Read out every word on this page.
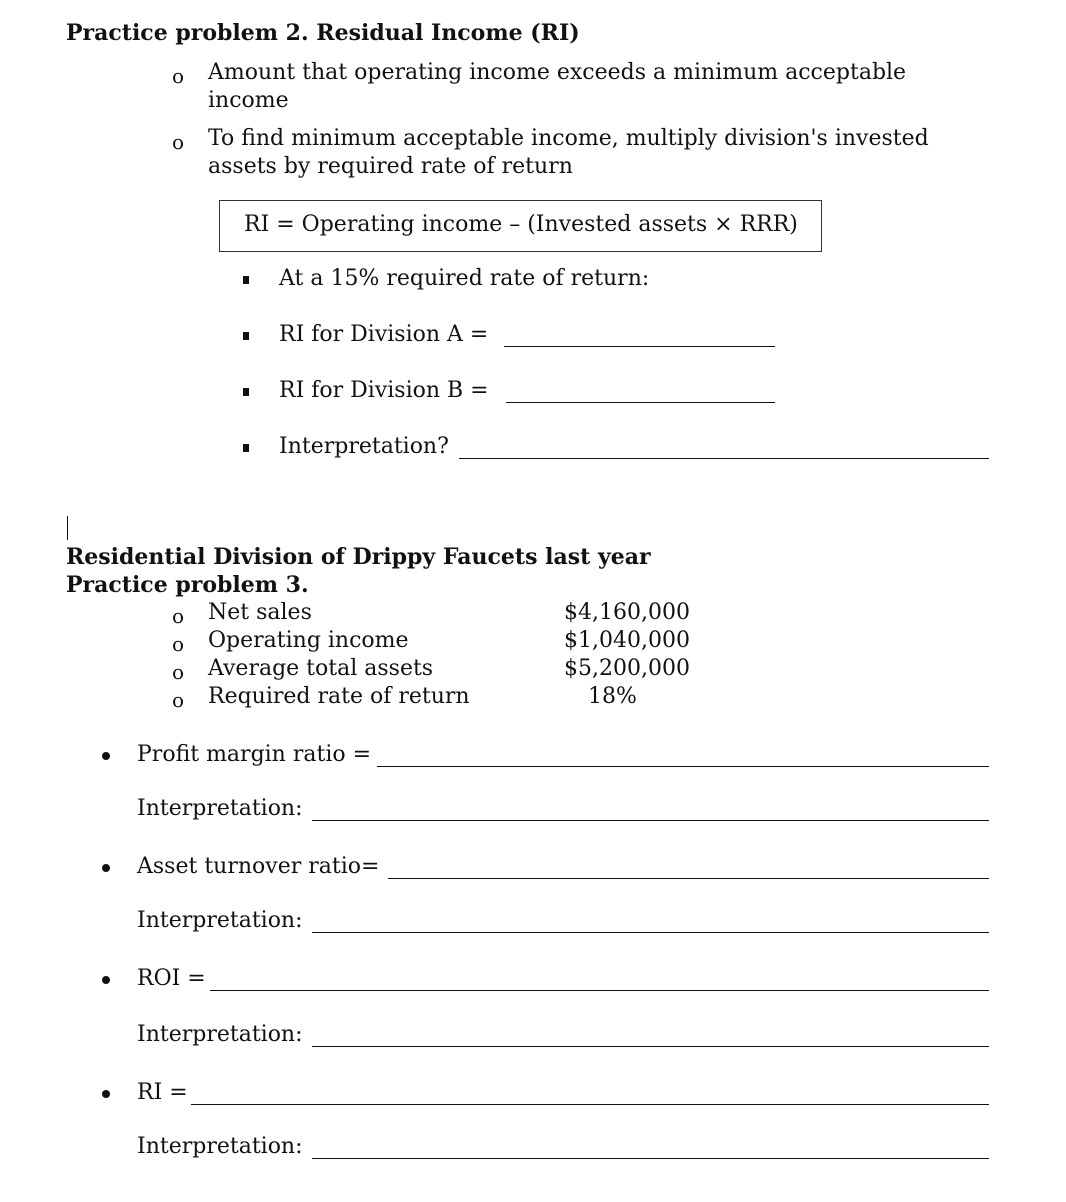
Practice problem 2. Residual Income (RI)
o Amount that operating income exceeds a minimum acceptable
income
o To find minimum acceptable income, multiply division's invested
assets by required rate of return
RI = Operating income – (Invested assets × RRR)
At a 15% required rate of return:
RI for Division A =
RI for Division B =
Interpretation?
Residential Division of Drippy Faucets last year
Practice problem 3.
o Net sales	$4,160,000
o Operating income	$1,040,000
o Average total assets	$5,200,000
o Required rate of return	18%
Profit margin ratio =
Interpretation:
Asset turnover ratio=
Interpretation:
ROI =
Interpretation:
RI =
Interpretation:
